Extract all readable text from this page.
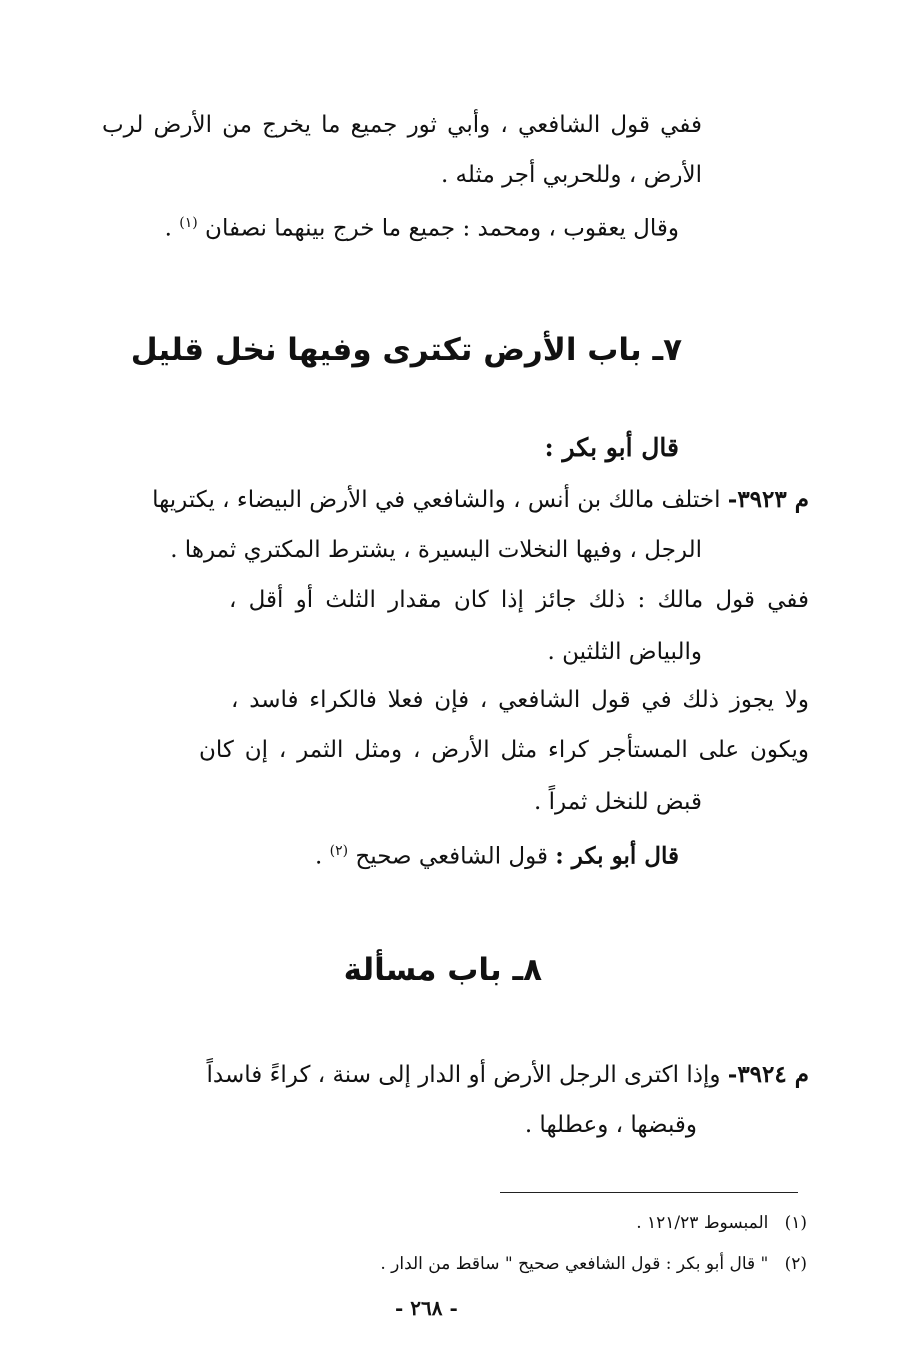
ففي قول الشافعي ، وأبي ثور جميع ما يخرج من الأرض لرب
الأرض ، وللحربي أجر مثله .
وقال يعقوب ، ومحمد : جميع ما خرج بينهما نصفان $^{(١)}$ .
٧ـ باب الأرض تكترى وفيها نخل قليل
قال أبو بكر :
م ٣٩٢٣- اختلف مالك بن أنس ، والشافعي في الأرض البيضاء ، يكتريها
الرجل ، وفيها النخلات اليسيرة ، يشترط المكتري ثمرها .
ففي قول مالك : ذلك جائز إذا كان مقدار الثلث أو أقل ،
والبياض الثلثين .
ولا يجوز ذلك في قول الشافعي ، فإن فعلا فالكراء فاسد ،
ويكون على المستأجر كراء مثل الأرض ، ومثل الثمر ، إن كان
قبض للنخل ثمراً .
قال أبو بكر : قول الشافعي صحيح $^{(٢)}$ .
٨ـ باب مسألة
م ٣٩٢٤- وإذا اكترى الرجل الأرض أو الدار إلى سنة ، كراءً فاسداً
وقبضها ، وعطلها .
(١)   المبسوط ١٢١/٢٣ .
(٢)   " قال أبو بكر : قول الشافعي صحيح " ساقط من الدار .
- ٢٦٨ -
